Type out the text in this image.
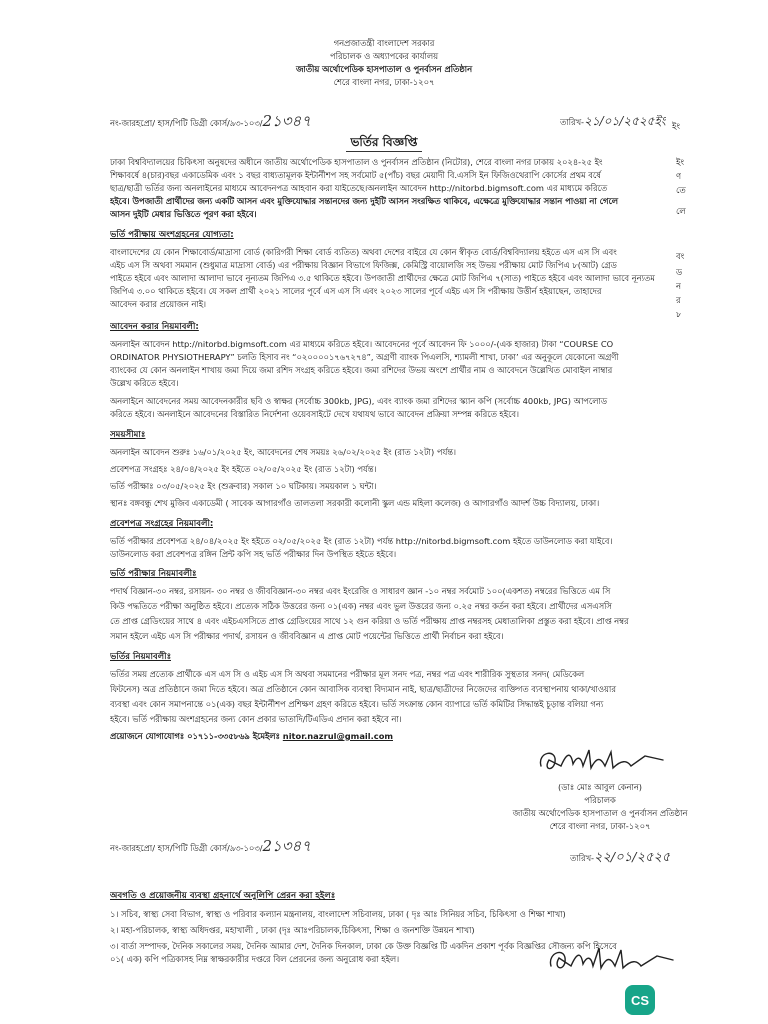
গনপ্রজাতন্ত্রী বাংলাদেশ সরকার
পরিচালক ও অধ্যাপকের কার্যালয়
জাতীয় অর্থোপেডিক হাসপাতাল ও পুনর্বাসন প্রতিষ্ঠান
শেরে বাংলা নগর, ঢাকা-১২০৭
নং-জারহপ্রো/ হাস/পিটি ডিগ্রী কোর্স/৯৩-১০৩/2১৩৪৭	তারিখ-২১/০১/২৫২৫ইং ইং
ভর্তির বিজ্ঞপ্তি
ঢাকা বিশ্ববিদ্যালয়ের চিকিৎসা অনুষদের অধীনে জাতীয় অর্থোপেডিক হাসপাতাল ও পুনর্বাসন প্রতিষ্ঠান (নিটোর), শেরে বাংলা নগর ঢাকায় ২০২৪-২৫ ইং
শিক্ষাবর্ষে ৪(চার)বছর একাডেমিক এবং ১ বছর বাধ্যতামূলক ইন্টার্নীশপ সহ সর্বমোট ৫(পাঁচ) বছর মেয়াদী বি.এসসি ইন ফিজিওথেরাপি কোর্সের প্রথম বর্ষে
ছাত্র/ছাত্রী ভর্তির জন্য অনলাইনের মাধ্যমে আবেদনপত্র আহবান করা যাইতেছে।অনলাইন আবেদন http://nitorbd.bigmsoft.com এর মাধ্যমে করিতে
হইবে। উপজাতী প্রার্থীদের জন্য একটি আসন এবং মুক্তিযোদ্ধার সন্তানদের জন্য দুইটি আসন সংরক্ষিত থাকিবে, এক্ষেত্রে মুক্তিযোদ্ধার সন্তান পাওয়া না গেলে
আসন দুইটি মেধার ভিত্তিতে পূরণ করা হইবে।
ইং
ণ
তে
লে
বং
ড
ন
র
৮
ভর্তি পরীক্ষায় অংশগ্রহনের যোগ্যতা:
বাংলাদেশের যে কোন শিক্ষাবোর্ড/মাদ্রাসা বোর্ড (কারিগরী শিক্ষা বোর্ড ব্যতিত) অথবা দেশের বাইরে যে কোন স্বীকৃত বোর্ড/বিশ্ববিদ্যালয় হইতে এস এস সি এবং
এইচ এস সি অথবা সমমান (শুধুমাত্র মাদ্রাসা বোর্ড) এর পরীক্ষায় বিজ্ঞান বিভাগে ফিজিক্স, কেমিস্ট্রি বায়োলজি সহ উভয় পরীক্ষায় মোট জিপিএ ৮(আট) গ্রেড
পাইতে হইবে এবং আলাদা আলাদা ভাবে নূন্যতম জিপিএ ৩.৫ থাকিতে হইবে। উপজাতী প্রার্থীদের ক্ষেত্রে মোট জিপিএ ৭(সাত) পাইতে হইবে এবং আলাদা ভাবে নূন্যতম
জিপিএ ৩.০০ থাকিতে হইবে। যে সকল প্রার্থী ২০২১ সালের পূর্বে এস এস সি এবং ২০২৩ সালের পূর্বে এইচ এস সি পরীক্ষায় উত্তীর্ন হইয়াছেন, তাহাদের
আবেদন করার প্রয়োজন নাই।
আবেদন করার নিয়মাবলী:
অনলাইন আবেদন http://nitorbd.bigmsoft.com এর মাধ্যমে করিতে হইবে। আবেদনের পূর্বে আবেদন ফি ১০০০/-(এক হাজার) টাকা “COURSE CO
ORDINATOR PHYSIOTHERAPY” চলতি হিসাব নং “০২০০০০১৭৬৭২৭৪”, অগ্রণী ব্যাংক পিএলসি, শ্যামলী শাখা, ঢাকা’ এর অনুকূলে যেকোনো অগ্রণী
ব্যাংকের যে কোন অনলাইন শাখায় জমা দিয়ে জমা রশিদ সংগ্রহ করিতে হইবে। জমা রশিদের উভয় অংশে প্রার্থীর নাম ও আবেদনে উল্লেখিত মোবাইল নাম্বার
উল্লেখ করিতে হইবে।
অনলাইনে আবেদনের সময় আবেদনকারীর ছবি ও স্বাক্ষর (সর্বোচ্চ 300kb, JPG), এবং ব্যাংক জমা রশিদের স্ক্যান কপি (সর্বোচ্চ 400kb, JPG) আপলোড
করিতে হইবে। অনলাইনে আবেদনের বিস্তারিত নির্দেশনা ওয়েবসাইটে দেখে যথাযথ ভাবে আবেদন প্রক্রিয়া সম্পন্ন করিতে হইবে।
সময়সীমাঃ
অনলাইন আবেদন শুরুঃ ১৬/০১/২০২৫ ইং, আবেদনের শেষ সময়ঃ ২৬/০২/২০২৫ ইং (রাত ১২টা) পর্যন্ত।
প্রবেশপত্র সংগ্রহঃ ২৪/০৪/২০২৫ ইং হইতে ০২/০৫/২০২৫ ইং (রাত ১২টা) পর্যন্ত।
ভর্তি পরীক্ষাঃ ০৩/০৫/২০২৫ ইং (শুক্রবার) সকাল ১০ ঘটিকায়। সময়কাল ১ ঘন্টা।
স্থানঃ বঙ্গবন্ধু শেখ মুজিব একাডেমী ( সাবেক আগারগাঁও তালতলা সরকারী কলোনী স্কুল এন্ড মহিলা কলেজ) ও আগারগাঁও আদর্শ উচ্চ বিদ্যালয়, ঢাকা।
প্রবেশপত্র সংগ্রহের নিয়মাবলী:
ভর্তি পরীক্ষার প্রবেশপত্র ২৪/০৪/২০২৫ ইং হইতে ০২/০৫/২০২৫ ইং (রাত ১২টা) পর্যন্ত http://nitorbd.bigmsoft.com হইতে ডাউনলোড করা যাইবে।
ডাউনলোড করা প্রবেশপত্র রঙ্গিন প্রিন্ট কপি সহ ভর্তি পরীক্ষার দিন উপস্থিত হইতে হইবে।
ভর্তি পরীক্ষার নিয়মাবলীঃ
পদার্থ বিজ্ঞান-৩০ নম্বর, রসায়ন- ৩০ নম্বর ও জীববিজ্ঞান-৩০ নম্বর এবং ইংরেজি ও সাধারণ জ্ঞান -১০ নম্বর সর্বমোট ১০০(একশত) নম্বরের ভিত্তিতে এম সি
কিউ পদ্ধতিতে পরীক্ষা অনুষ্ঠিত হইবে। প্রত্যেক সঠিক উত্তরের জন্য ০১(এক) নম্বর এবং ভুল উত্তরের জন্য ০.২৫ নম্বর কর্তন করা হইবে। প্রার্থীদের এসএসসি
তে প্রাপ্ত গ্রেডিংয়ের সাথে ৪ এবং এইচএসসিতে প্রাপ্ত গ্রেডিংয়ের সাথে ১২ গুন করিয়া ও ভর্তি পরীক্ষায় প্রাপ্ত নম্বরসহ মেধাতালিকা প্রস্তুত করা হইবে। প্রাপ্ত নম্বর
সমান হইলে এইচ এস সি পরীক্ষার পদার্থ, রসায়ন ও জীববিজ্ঞান এ প্রাপ্ত মোট পয়েন্টের ভিত্তিতে প্রার্থী নির্বাচন করা হইবে।
ভর্তির নিয়মাবলীঃ
ভর্তির সময় প্রত্যেক প্রার্থীকে এস এস সি ও এইচ এস সি অথবা সমমানের পরীক্ষার মূল সনদ পত্র, নম্বর পত্র এবং শারীরিক সুস্থতার সনদ( মেডিকেল
ফিটনেস) অত্র প্রতিষ্ঠানে জমা দিতে হইবে। অত্র প্রতিষ্ঠানে কোন আবাসিক ব্যবস্থা বিদ্যমান নাই, ছাত্র/ছাত্রীদের নিজেদের ব্যক্তিগত ব্যবস্থাপনায় থাকা/খাওয়ার
ব্যবস্থা এবং কোন সমাপনান্তে ০১(এক) বছর ইন্টার্নীশপ প্রশিক্ষণ গ্রহণ করিতে হইবে। ভর্তি সংক্রান্ত কোন ব্যাপারে ভর্তি কমিটির সিদ্ধান্তই চূড়ান্ত বলিয়া গন্য
হইবে। ভর্তি পরীক্ষায় অংশগ্রহনের জন্য কোন প্রকার ভাতাদি/টিএডিএ প্রদান করা হইবে না।
প্রয়োজনে যোগাযোগঃ ০১৭১১-৩৩৫৮৬৯ ইমেইলঃ nitor.nazrul@gmail.com
(ডাঃ মোঃ আবুল কেনান)
পরিচালক
জাতীয় অর্থোপেডিক হাসপাতাল ও পুনর্বাসন প্রতিষ্ঠান
শেরে বাংলা নগর, ঢাকা-১২০৭
নং-জারহপ্রো/ হাস/পিটি ডিগ্রী কোর্স/৯৩-১০৩/2১৩৪৭
তারিখ-২২/০১/২৫২৫
অবগতি ও প্রয়োজনীয় ব্যবস্থা গ্রহনার্থে অনুলিপি প্রেরন করা হইলঃ
১। সচিব, স্বাস্থ্য সেবা বিভাগ, স্বাস্থ্য ও পরিবার কল্যান মন্ত্রনালয়, বাংলাদেশ সচিবালয়, ঢাকা ( দৃঃ আঃ সিনিয়র সচিব, চিকিৎসা ও শিক্ষা শাখা)
২। মহা-পরিচালক, স্বাস্থ্য অধিদপ্তর, মহাখালী , ঢাকা (দৃঃ আঃপরিচালক,চিকিৎসা, শিক্ষা ও জনশক্তি উন্নয়ন শাখা)
৩। বার্তা সম্পাদক, দৈনিক সকালের সময়, দৈনিক আমার দেশ, দৈনিক দিনকাল, ঢাকা কে উক্ত বিজ্ঞপ্তি টি একদিন প্রকাশ পূর্বক বিজ্ঞপ্তির সৌজন্য কপি হিসেবে
০১( এক) কপি পত্রিকাসহ নিম্ন স্বাক্ষরকারীর দপ্তরে বিল প্রেরনের জন্য অনুরোধ করা হইল।
CS
